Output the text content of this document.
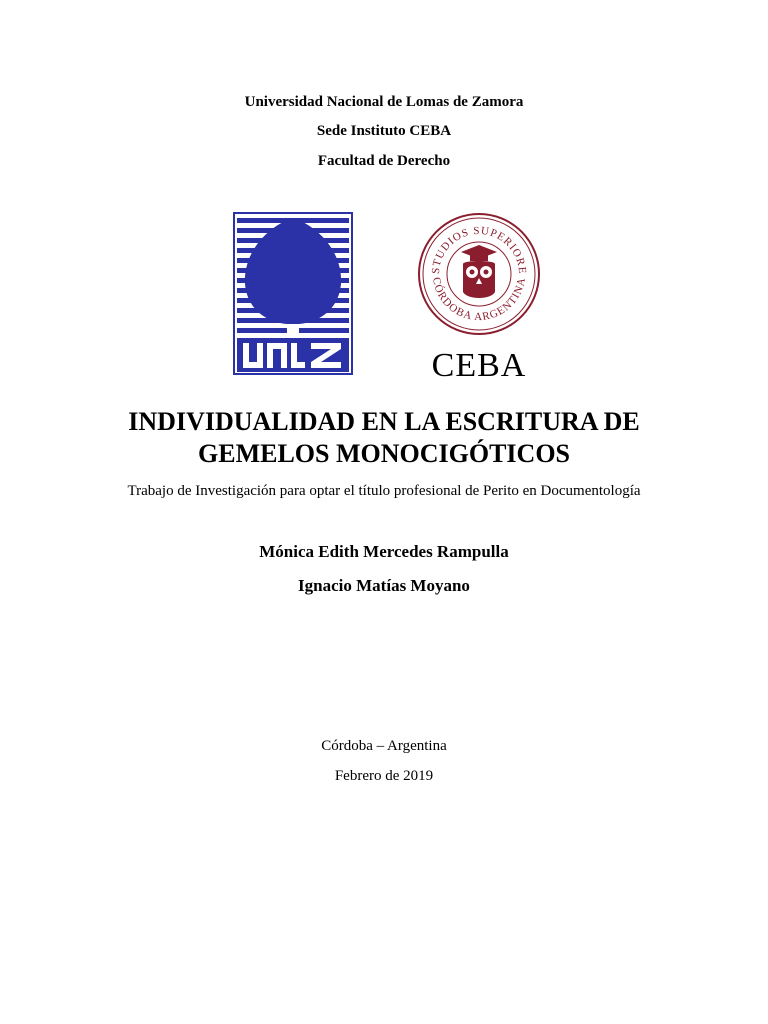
Universidad Nacional de Lomas de Zamora
Sede Instituto CEBA
Facultad de Derecho
STUDIOS SUPERIORE
CÓRDOBA ARGENTINA
CEBA
INDIVIDUALIDAD EN LA ESCRITURA DE
GEMELOS MONOCIGÓTICOS
Trabajo de Investigación para optar el título profesional de Perito en Documentología
Mónica Edith Mercedes Rampulla
Ignacio Matías Moyano
Córdoba – Argentina
Febrero de 2019
